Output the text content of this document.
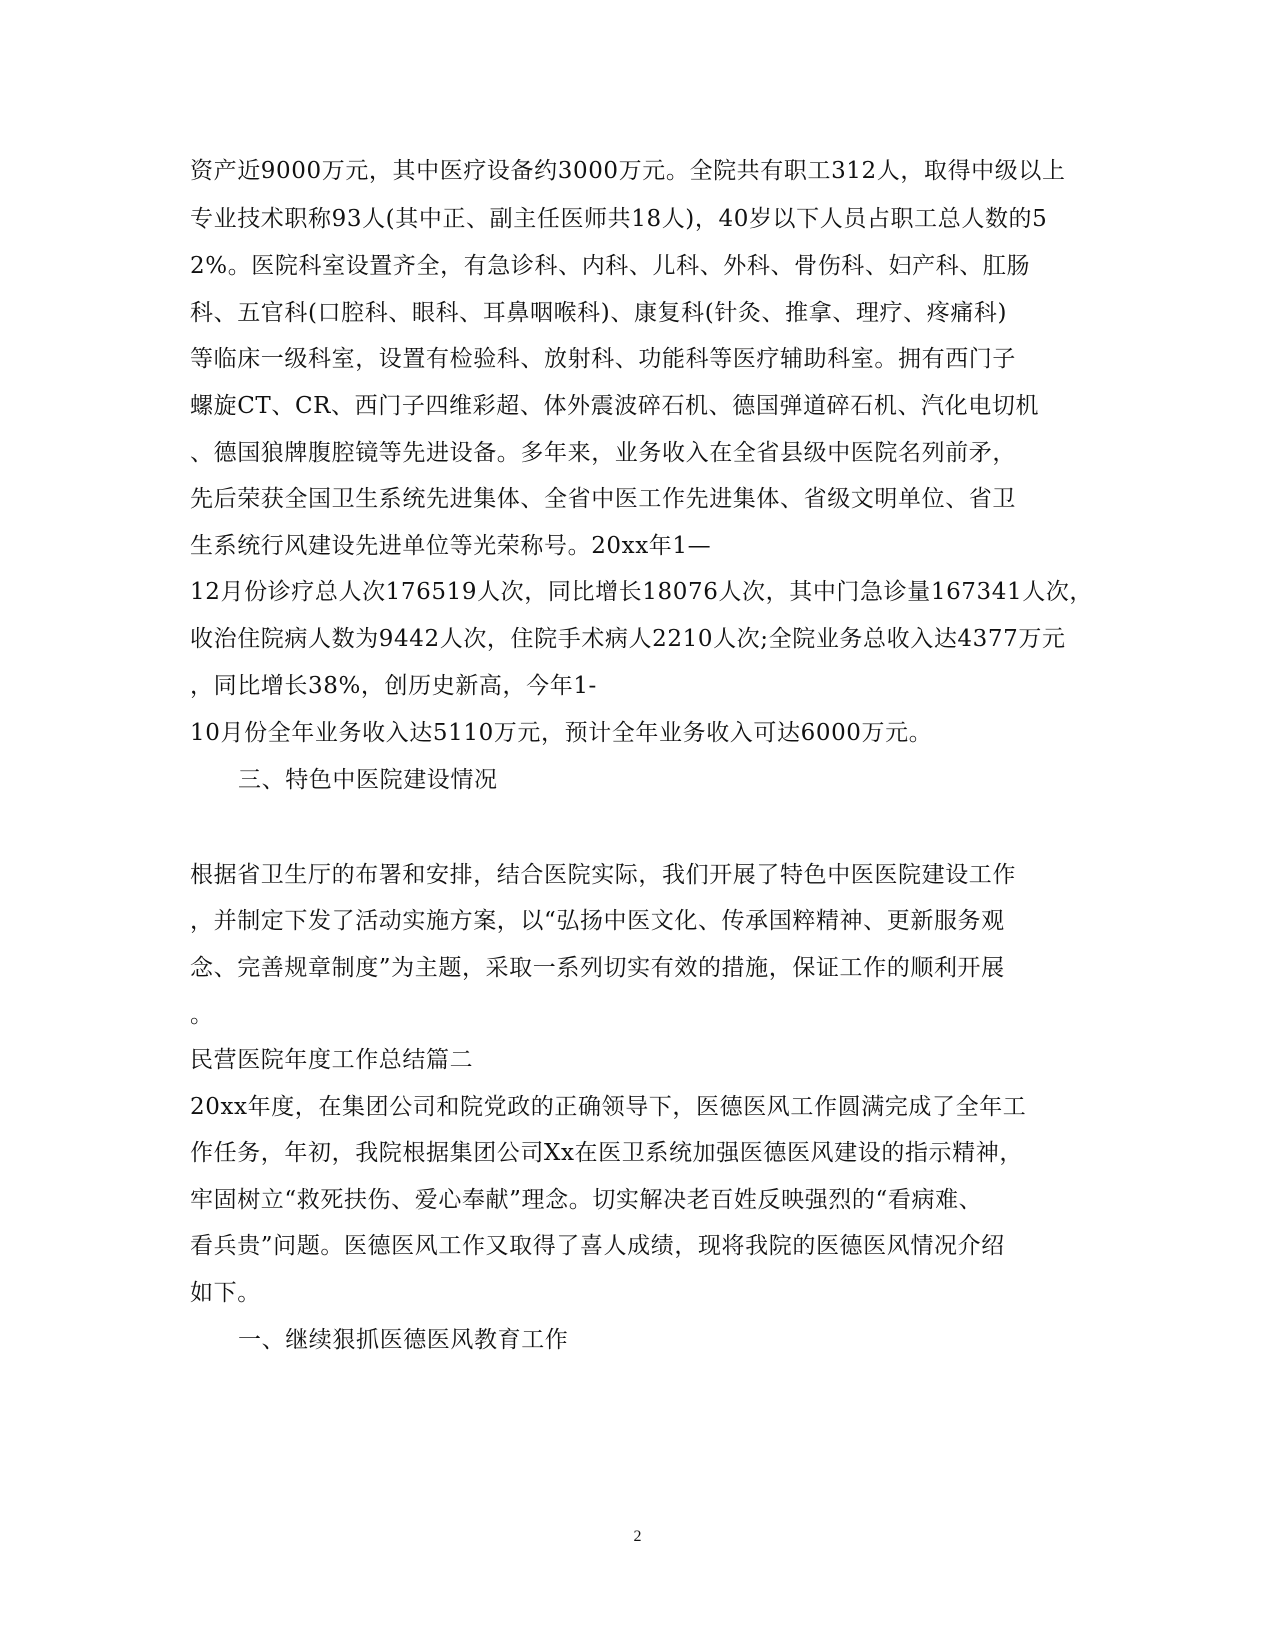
资产近9000万元，其中医疗设备约3000万元。全院共有职工312人，取得中级以上
专业技术职称93人(其中正、副主任医师共18人)，40岁以下人员占职工总人数的5
2%。医院科室设置齐全，有急诊科、内科、儿科、外科、骨伤科、妇产科、肛肠
科、五官科(口腔科、眼科、耳鼻咽喉科)、康复科(针灸、推拿、理疗、疼痛科)
等临床一级科室，设置有检验科、放射科、功能科等医疗辅助科室。拥有西门子
螺旋CT、CR、西门子四维彩超、体外震波碎石机、德国弹道碎石机、汽化电切机
、德国狼牌腹腔镜等先进设备。多年来，业务收入在全省县级中医院名列前矛，
先后荣获全国卫生系统先进集体、全省中医工作先进集体、省级文明单位、省卫
生系统行风建设先进单位等光荣称号。20xx年1—
12月份诊疗总人次176519人次，同比增长18076人次，其中门急诊量167341人次，
收治住院病人数为9442人次，住院手术病人2210人次;全院业务总收入达4377万元
，同比增长38%，创历史新高，今年1-
10月份全年业务收入达5110万元，预计全年业务收入可达6000万元。
三、特色中医院建设情况
根据省卫生厅的布署和安排，结合医院实际，我们开展了特色中医医院建设工作
，并制定下发了活动实施方案，以“弘扬中医文化、传承国粹精神、更新服务观
念、完善规章制度”为主题，采取一系列切实有效的措施，保证工作的顺利开展
。
民营医院年度工作总结篇二
20xx年度，在集团公司和院党政的正确领导下，医德医风工作圆满完成了全年工
作任务，年初，我院根据集团公司Xx在医卫系统加强医德医风建设的指示精神，
牢固树立“救死扶伤、爱心奉献”理念。切实解决老百姓反映强烈的“看病难、
看兵贵”问题。医德医风工作又取得了喜人成绩，现将我院的医德医风情况介绍
如下。
一、继续狠抓医德医风教育工作
2
